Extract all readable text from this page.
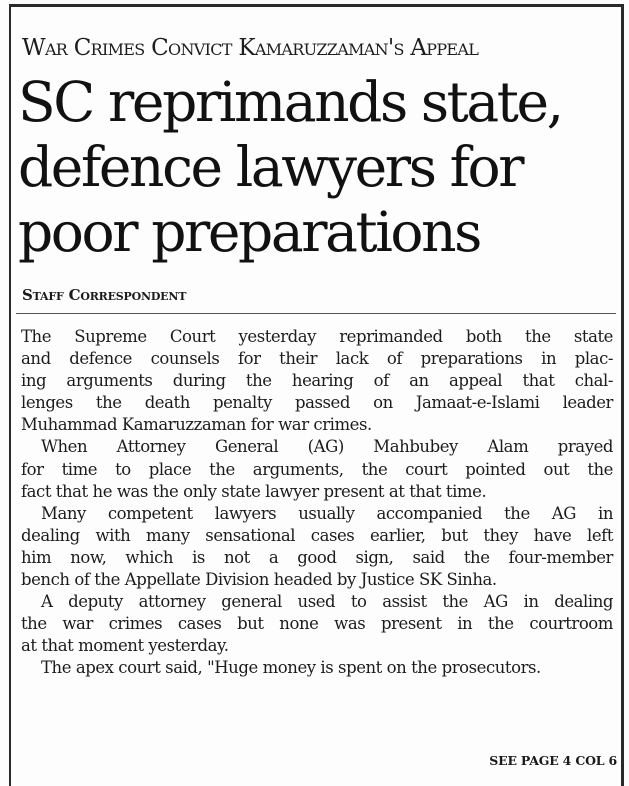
War Crimes Convict Kamaruzzaman's Appeal
SC reprimands state,
defence lawyers for
poor preparations
Staff Correspondent
The Supreme Court yesterday reprimanded both the state
and defence counsels for their lack of preparations in plac-
ing arguments during the hearing of an appeal that chal-
lenges the death penalty passed on Jamaat-e-Islami leader
Muhammad Kamaruzzaman for war crimes.
When Attorney General (AG) Mahbubey Alam prayed
for time to place the arguments, the court pointed out the
fact that he was the only state lawyer present at that time.
Many competent lawyers usually accompanied the AG in
dealing with many sensational cases earlier, but they have left
him now, which is not a good sign, said the four-member
bench of the Appellate Division headed by Justice SK Sinha.
A deputy attorney general used to assist the AG in dealing
the war crimes cases but none was present in the courtroom
at that moment yesterday.
The apex court said, "Huge money is spent on the prosecutors.
SEE PAGE 4 COL 6
